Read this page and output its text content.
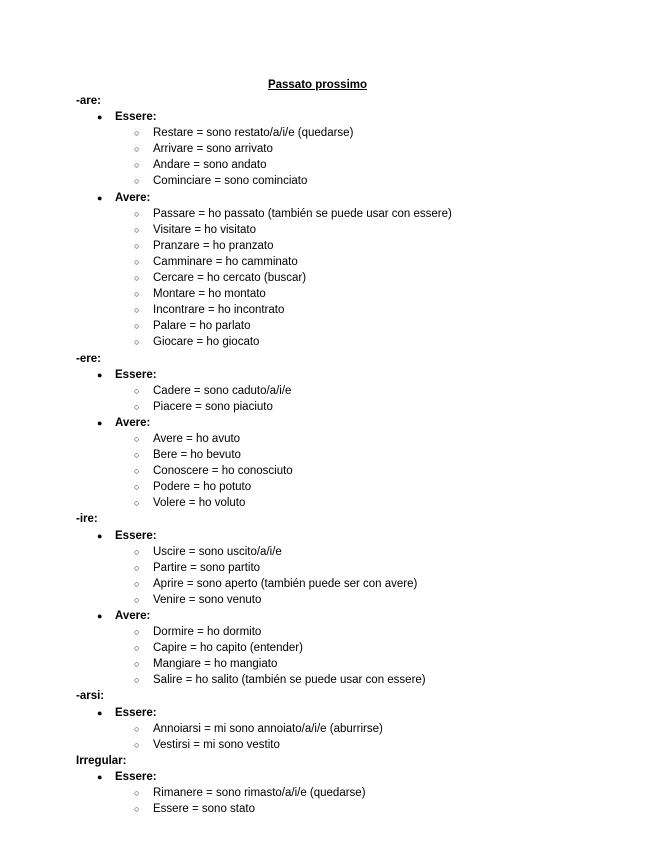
Passato prossimo
-are:
● Essere:
○ Restare = sono restato/a/i/e (quedarse)
○ Arrivare = sono arrivato
○ Andare = sono andato
○ Cominciare = sono cominciato
● Avere:
○ Passare = ho passato (también se puede usar con essere)
○ Visitare = ho visitato
○ Pranzare = ho pranzato
○ Camminare = ho camminato
○ Cercare = ho cercato (buscar)
○ Montare = ho montato
○ Incontrare = ho incontrato
○ Palare = ho parlato
○ Giocare = ho giocato
-ere:
● Essere:
○ Cadere = sono caduto/a/i/e
○ Piacere = sono piaciuto
● Avere:
○ Avere = ho avuto
○ Bere = ho bevuto
○ Conoscere = ho conosciuto
○ Podere = ho potuto
○ Volere = ho voluto
-ire:
● Essere:
○ Uscire = sono uscito/a/i/e
○ Partire = sono partito
○ Aprire = sono aperto (también puede ser con avere)
○ Venire = sono venuto
● Avere:
○ Dormire = ho dormito
○ Capire = ho capito (entender)
○ Mangiare = ho mangiato
○ Salire = ho salito (también se puede usar con essere)
-arsi:
● Essere:
○ Annoiarsi = mi sono annoiato/a/i/e (aburrirse)
○ Vestirsi = mi sono vestito
Irregular:
● Essere:
○ Rimanere = sono rimasto/a/i/e (quedarse)
○ Essere = sono stato
